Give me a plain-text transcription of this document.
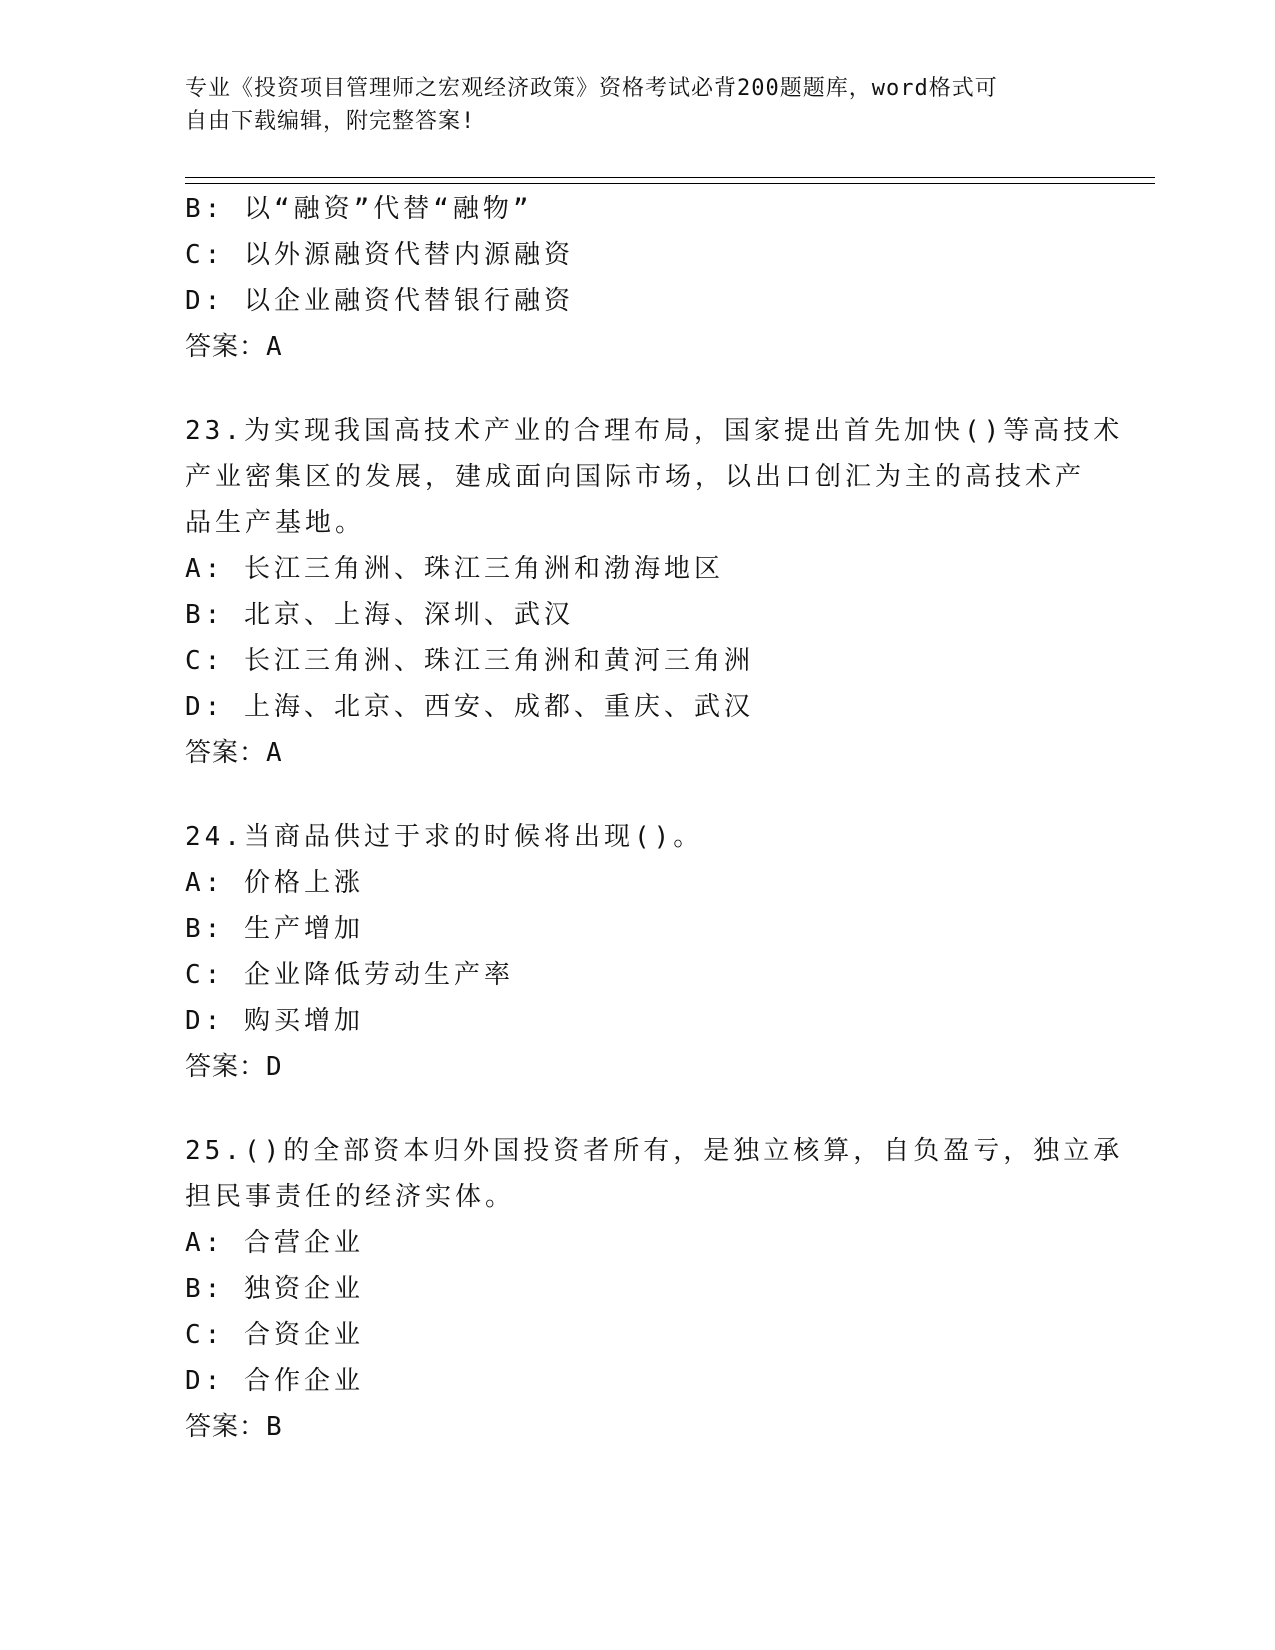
专业《投资项目管理师之宏观经济政策》资格考试必背200题题库，word格式可
自由下载编辑，附完整答案!
B: 以“融资”代替“融物”
C: 以外源融资代替内源融资
D: 以企业融资代替银行融资
答案：A
23.为实现我国高技术产业的合理布局，国家提出首先加快()等高技术
产业密集区的发展，建成面向国际市场，以出口创汇为主的高技术产
品生产基地。
A: 长江三角洲、珠江三角洲和渤海地区
B: 北京、上海、深圳、武汉
C: 长江三角洲、珠江三角洲和黄河三角洲
D: 上海、北京、西安、成都、重庆、武汉
答案：A
24.当商品供过于求的时候将出现()。
A: 价格上涨
B: 生产增加
C: 企业降低劳动生产率
D: 购买增加
答案：D
25.()的全部资本归外国投资者所有，是独立核算，自负盈亏，独立承
担民事责任的经济实体。
A: 合营企业
B: 独资企业
C: 合资企业
D: 合作企业
答案：B
